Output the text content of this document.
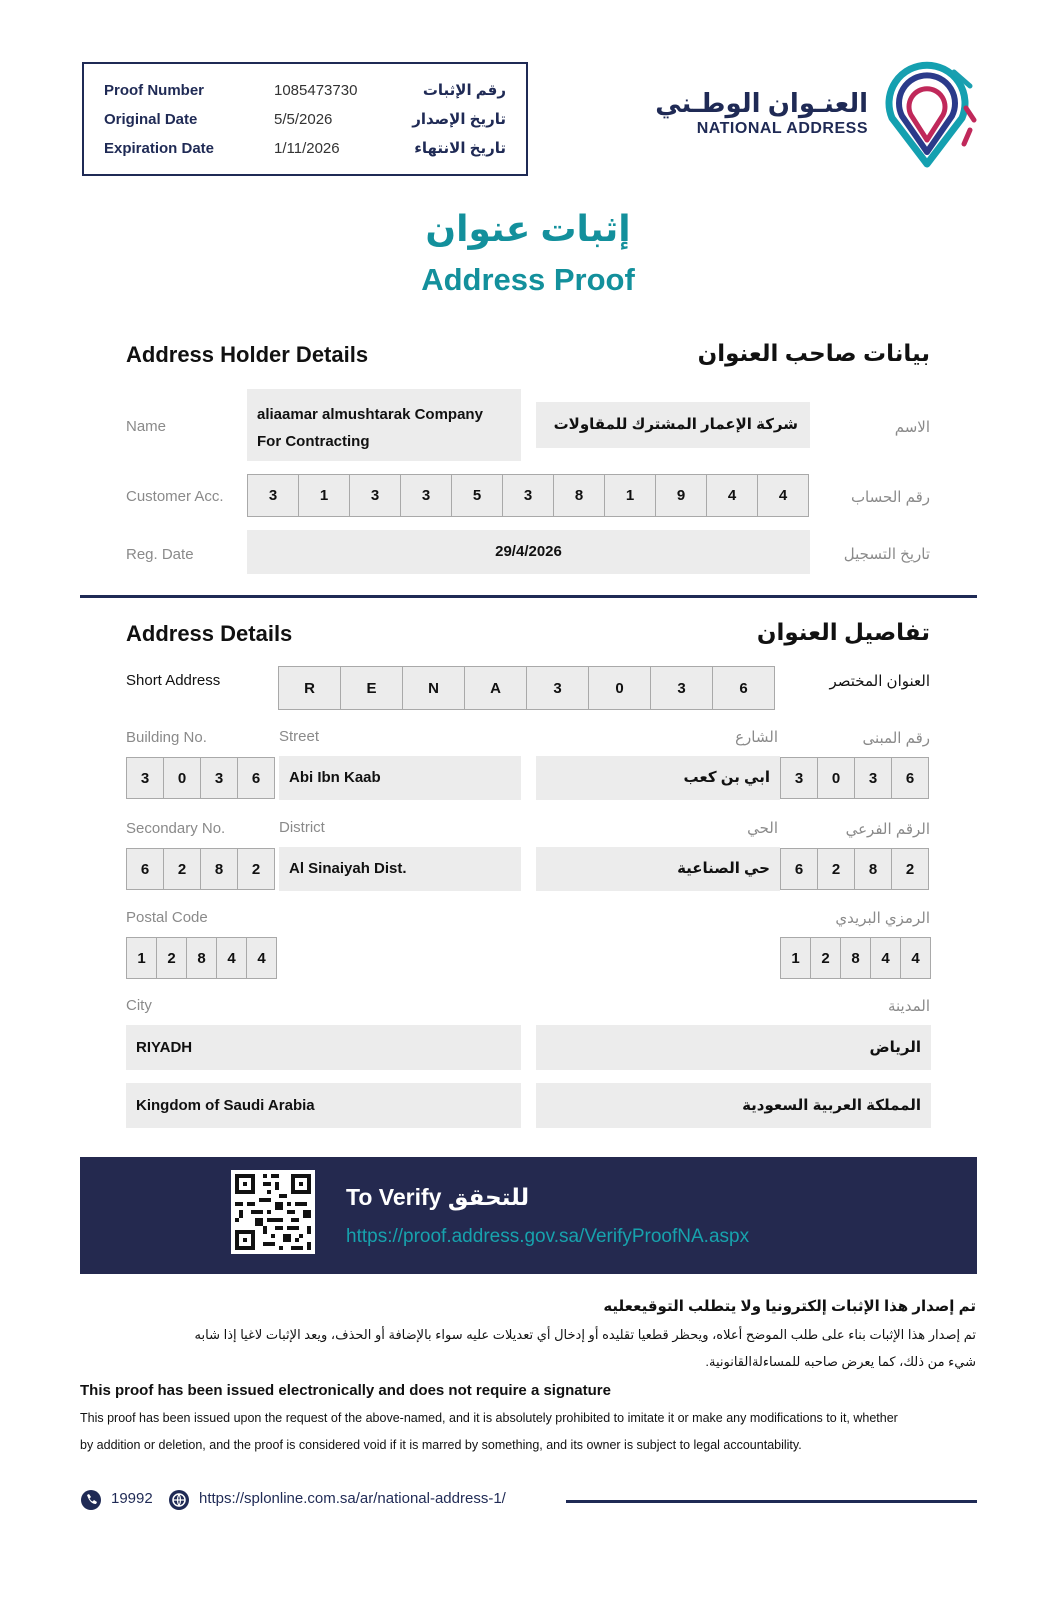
Proof Number	1085473730	رقم الإثبات
Original Date	5/5/2026	تاريخ الإصدار
Expiration Date	1/11/2026	تاريخ الانتهاء
العنـوان الوطـني
NATIONAL ADDRESS
إثبات عنوان
Address Proof
Address Holder Details	بيانات صاحب العنوان
Name
aliaamar almushtarak Company
For Contracting
شركة الإعمار المشترك للمقاولات	الاسم
Customer Acc.	3	1	3	3	5	3	8	1	9	4	4	رقم الحساب
Reg. Date	29/4/2026	تاريخ التسجيل
Address Details	تفاصيل العنوان
Short Address	R	E	N	A	3	0	3	6	العنوان المختصر
Building No.	Street	الشارع	رقم المبنى
3	0	3	6	Abi Ibn Kaab	ابي بن كعب	3	0	3	6
Secondary No.	District	الحي	الرقم الفرعي
6	2	8	2	Al Sinaiyah Dist.	حي الصناعية	6	2	8	2
Postal Code	الرمزي البريدي
1	2	8	4	4	1	2	8	4	4
City	المدينة
RIYADH	الرياض
Kingdom of Saudi Arabia	المملكة العربية السعودية
To Verify للتحقق
https://proof.address.gov.sa/VerifyProofNA.aspx
تم إصدار هذا الإثبات إلكترونيا ولا يتطلب التوقيععليه
تم إصدار هذا الإثبات بناء على طلب الموضح أعلاه، ويحظر قطعيا تقليده أو إدخال أي تعديلات عليه سواء بالإضافة أو الحذف، ويعد الإثبات لاغيا إذا شابه
شيء من ذلك، كما يعرض صاحبه للمساءلةالقانونية.
This proof has been issued electronically and does not require a signature
This proof has been issued upon the request of the above-named, and it is absolutely prohibited to imitate it or make any modifications to it, whether
by addition or deletion, and the proof is considered void if it is marred by something, and its owner is subject to legal accountability.
19992	https://splonline.com.sa/ar/national-address-1/
